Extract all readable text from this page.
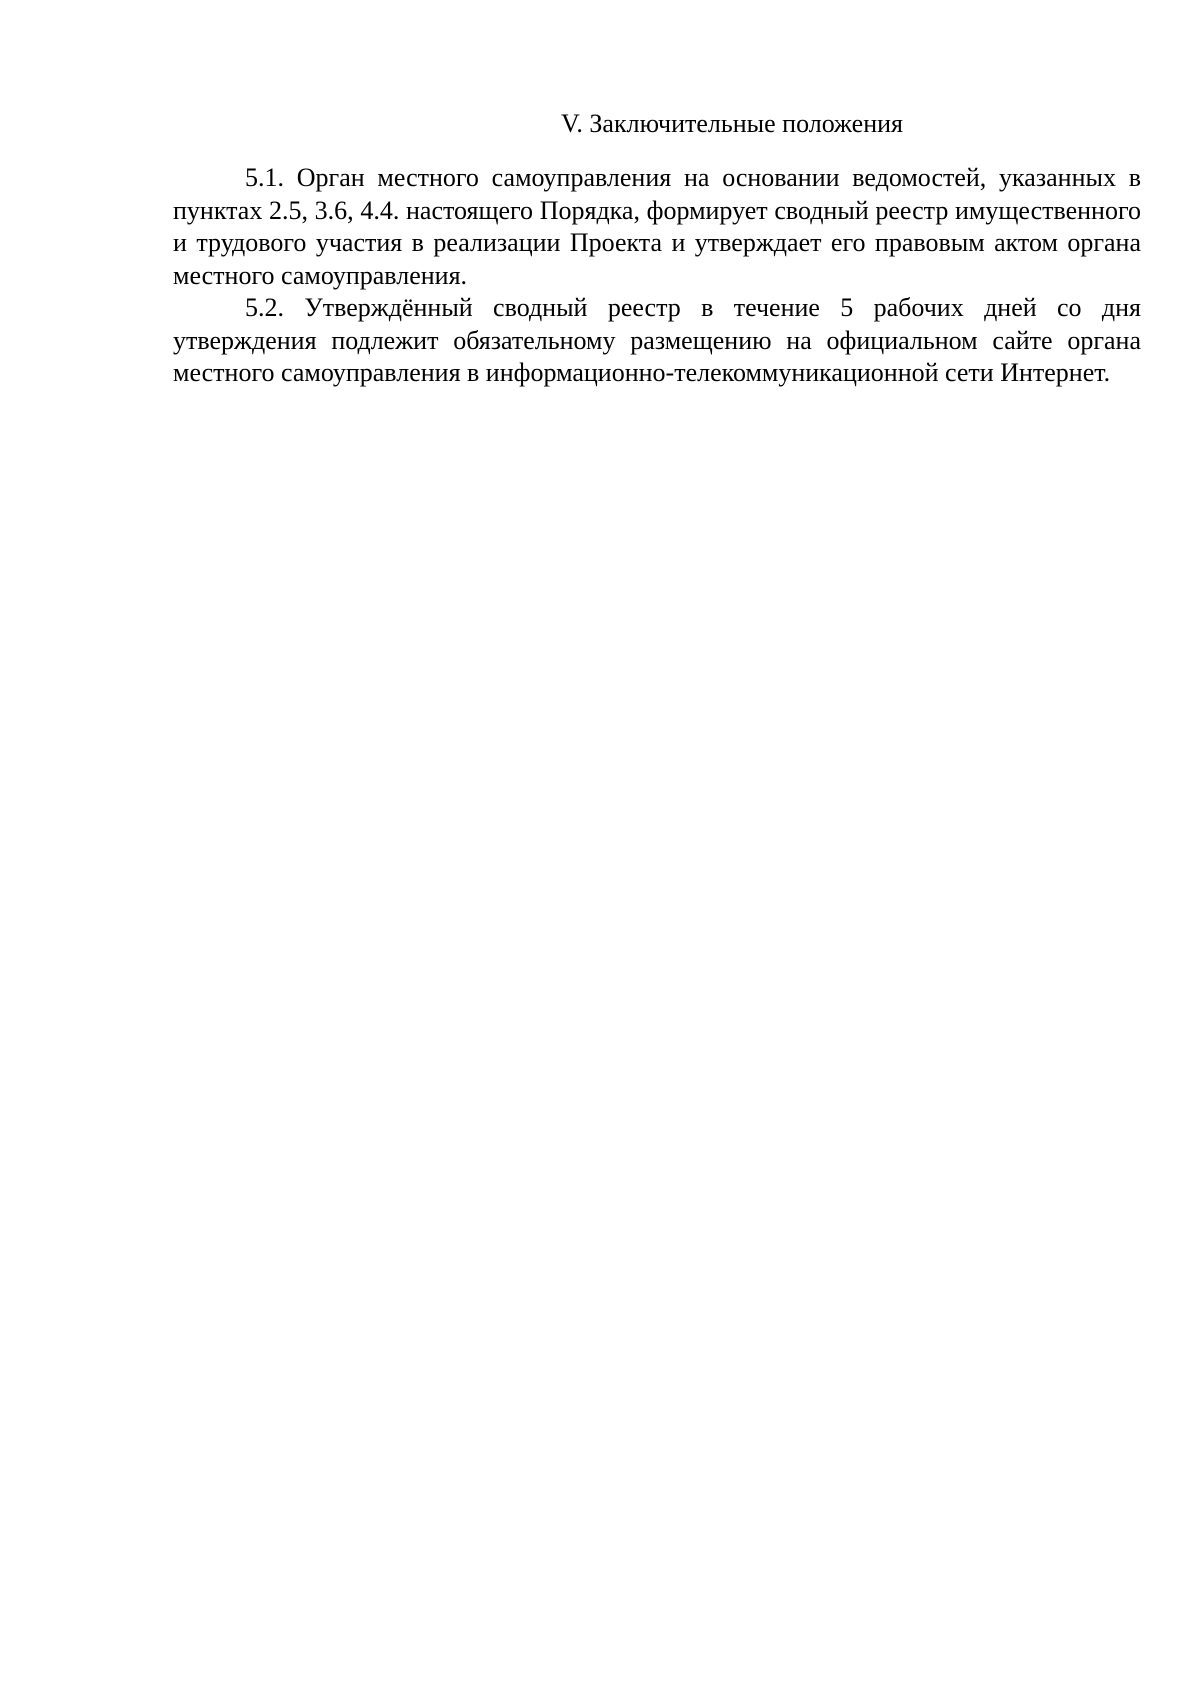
V. Заключительные положения

5.1. Орган местного самоуправления на основании ведомостей, указанных в пунктах 2.5, 3.6, 4.4. настоящего Порядка, формирует сводный реестр имущественного и трудового участия в реализации Проекта и утверждает его правовым актом органа местного самоуправления.

5.2. Утверждённый сводный реестр в течение 5 рабочих дней со дня утверждения подлежит обязательному размещению на официальном сайте органа местного самоуправления в информационно-телекоммуникационной сети Интернет.
